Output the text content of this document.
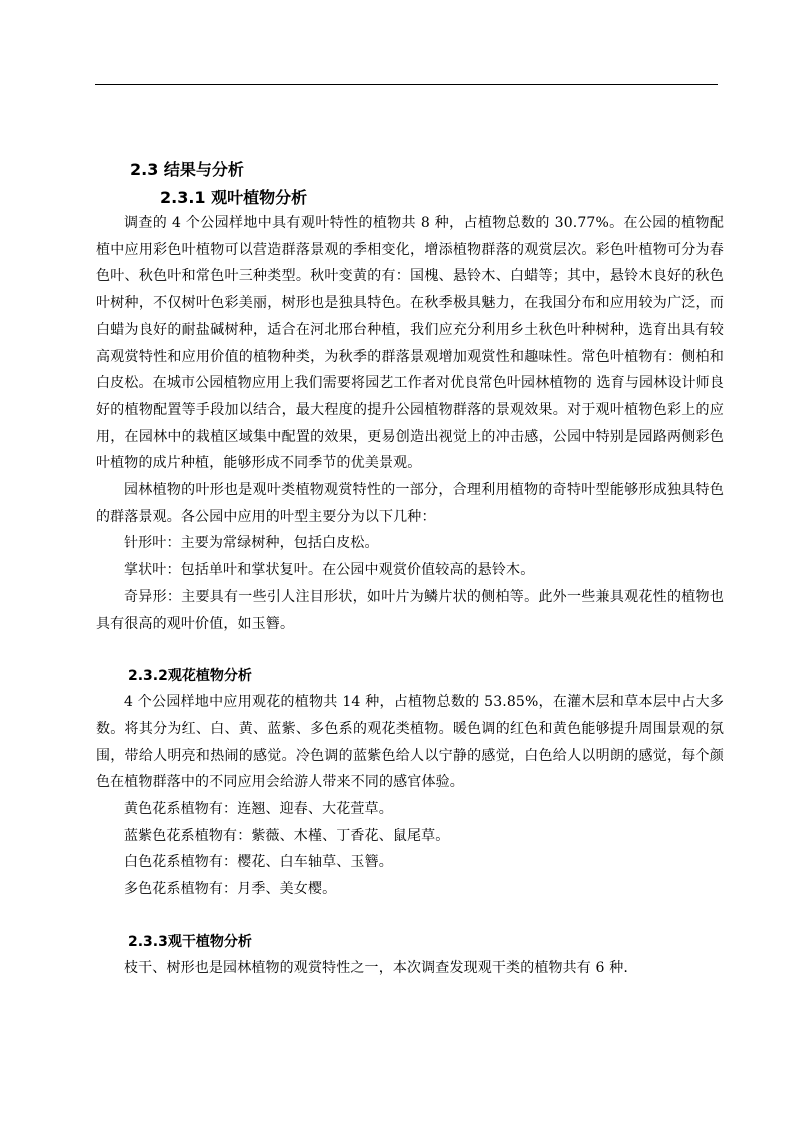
2.3 结果与分析
2.3.1 观叶植物分析

调查的 4 个公园样地中具有观叶特性的植物共 8 种，占植物总数的 30.77%。在公园的植物配植中应用彩色叶植物可以营造群落景观的季相变化，增添植物群落的观赏层次。彩色叶植物可分为春色叶、秋色叶和常色叶三种类型。秋叶变黄的有：国槐、悬铃木、白蜡等；其中，悬铃木良好的秋色叶树种，不仅树叶色彩美丽，树形也是独具特色。在秋季极具魅力，在我国分布和应用较为广泛，而白蜡为良好的耐盐碱树种，适合在河北邢台种植，我们应充分利用乡土秋色叶种树种，选育出具有较高观赏特性和应用价值的植物种类，为秋季的群落景观增加观赏性和趣味性。常色叶植物有：侧柏和白皮松。在城市公园植物应用上我们需要将园艺工作者对优良常色叶园林植物的 选育与园林设计师良好的植物配置等手段加以结合，最大程度的提升公园植物群落的景观效果。对于观叶植物色彩上的应用，在园林中的栽植区域集中配置的效果，更易创造出视觉上的冲击感，公园中特别是园路两侧彩色叶植物的成片种植，能够形成不同季节的优美景观。

园林植物的叶形也是观叶类植物观赏特性的一部分，合理利用植物的奇特叶型能够形成独具特色的群落景观。各公园中应用的叶型主要分为以下几种：

针形叶：主要为常绿树种，包括白皮松。

掌状叶：包括单叶和掌状复叶。在公园中观赏价值较高的悬铃木。

奇异形：主要具有一些引人注目形状，如叶片为鳞片状的侧柏等。此外一些兼具观花性的植物也具有很高的观叶价值，如玉簪。

2.3.2观花植物分析

4 个公园样地中应用观花的植物共 14 种，占植物总数的 53.85%，在灌木层和草本层中占大多数。将其分为红、白、黄、蓝紫、多色系的观花类植物。暖色调的红色和黄色能够提升周围景观的氛围，带给人明亮和热闹的感觉。冷色调的蓝紫色给人以宁静的感觉，白色给人以明朗的感觉，每个颜色在植物群落中的不同应用会给游人带来不同的感官体验。

黄色花系植物有：连翘、迎春、大花萱草。

蓝紫色花系植物有：紫薇、木槿、丁香花、鼠尾草。

白色花系植物有：樱花、白车轴草、玉簪。

多色花系植物有：月季、美女樱。

2.3.3观干植物分析

枝干、树形也是园林植物的观赏特性之一，本次调查发现观干类的植物共有 6 种.
